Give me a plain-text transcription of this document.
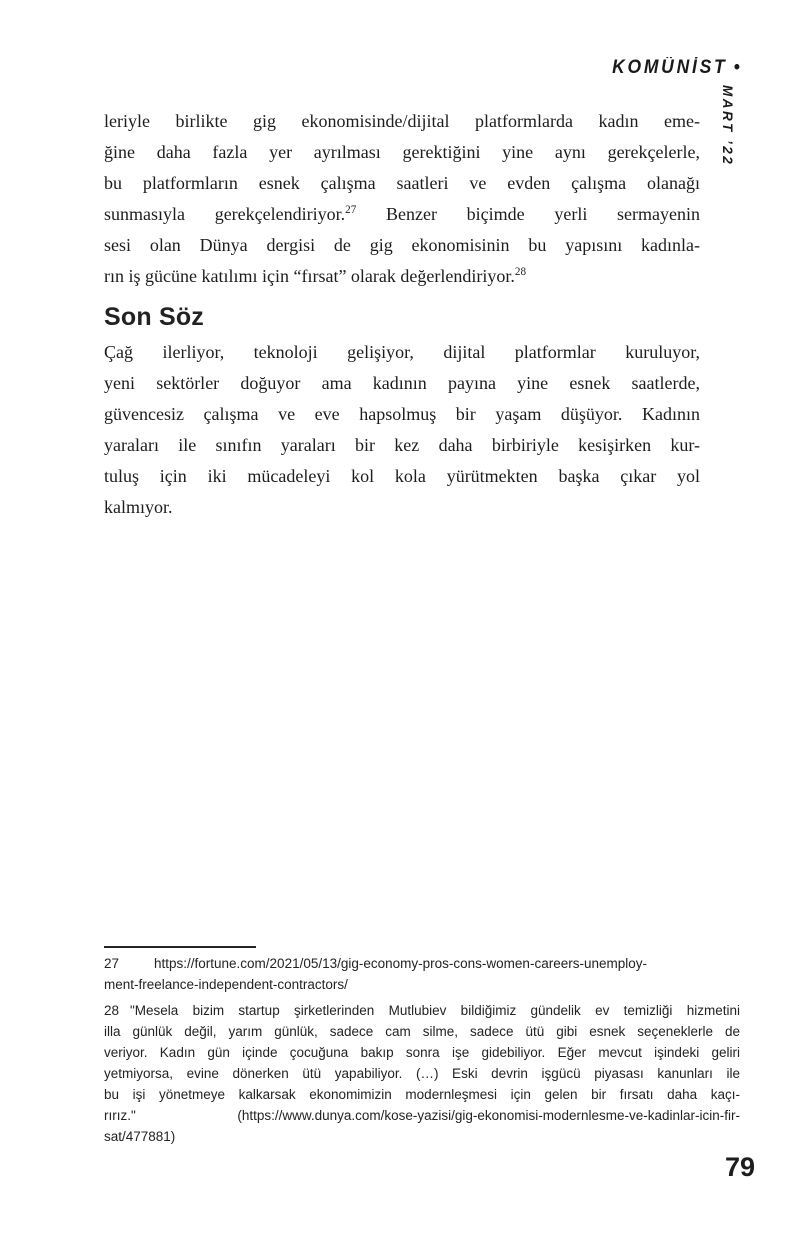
KOMÜNİST •
MART ’22
leriyle birlikte gig ekonomisinde/dijital platformlarda kadın eme-
ğine daha fazla yer ayrılması gerektiğini yine aynı gerekçelerle,
bu platformların esnek çalışma saatleri ve evden çalışma olanağı
sunmasıyla gerekçelendiriyor.$^{27}$ Benzer biçimde yerli sermayenin
sesi olan Dünya dergisi de gig ekonomisinin bu yapısını kadınla-
rın iş gücüne katılımı için “fırsat” olarak değerlendiriyor.$^{28}$
Son Söz
Çağ ilerliyor, teknoloji gelişiyor, dijital platformlar kuruluyor,
yeni sektörler doğuyor ama kadının payına yine esnek saatlerde,
güvencesiz çalışma ve eve hapsolmuş bir yaşam düşüyor. Kadının
yaraları ile sınıfın yaraları bir kez daha birbiriyle kesişirken kur-
tuluş için iki mücadeleyi kol kola yürütmekten başka çıkar yol
kalmıyor.
27	https://fortune.com/2021/05/13/gig-economy-pros-cons-women-careers-unemploy-
ment-freelance-independent-contractors/
28 "Mesela bizim startup şirketlerinden Mutlubiev bildiğimiz gündelik ev temizliği hizmetini
illa günlük değil, yarım günlük, sadece cam silme, sadece ütü gibi esnek seçeneklerle de
veriyor. Kadın gün içinde çocuğuna bakıp sonra işe gidebiliyor. Eğer mevcut işindeki geliri
yetmiyorsa, evine dönerken ütü yapabiliyor. (…) Eski devrin işgücü piyasası kanunları ile
bu işi yönetmeye kalkarsak ekonomimizin modernleşmesi için gelen bir fırsatı daha kaçı-
rırız." (https://www.dunya.com/kose-yazisi/gig-ekonomisi-modernlesme-ve-kadinlar-icin-fir-
sat/477881)
79
